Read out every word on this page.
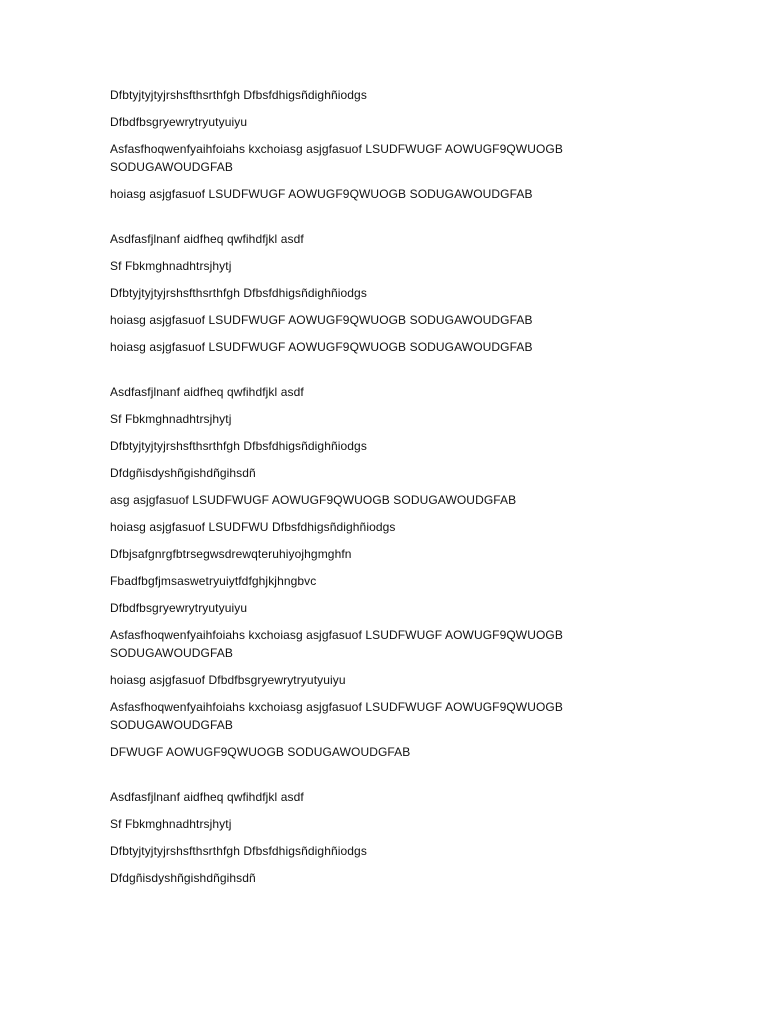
Dfbtyjtyjtyjrshsfthsrthfgh Dfbsfdhigsñdighñiodgs

Dfbdfbsgryewrytryutyuiyu

Asfasfhoqwenfyaihfoiahs kxchoiasg asjgfasuof LSUDFWUGF AOWUGF9QWUOGB SODUGAWOUDGFAB

hoiasg asjgfasuof LSUDFWUGF AOWUGF9QWUOGB SODUGAWOUDGFAB

Asdfasfjlnanf aidfheq qwfihdfjkl asdf

Sf Fbkmghnadhtrsjhytj

Dfbtyjtyjtyjrshsfthsrthfgh Dfbsfdhigsñdighñiodgs

hoiasg asjgfasuof LSUDFWUGF AOWUGF9QWUOGB SODUGAWOUDGFAB

hoiasg asjgfasuof LSUDFWUGF AOWUGF9QWUOGB SODUGAWOUDGFAB

Asdfasfjlnanf aidfheq qwfihdfjkl asdf

Sf Fbkmghnadhtrsjhytj

Dfbtyjtyjtyjrshsfthsrthfgh Dfbsfdhigsñdighñiodgs

Dfdgñisdyshñgishdñgihsdñ

asg asjgfasuof LSUDFWUGF AOWUGF9QWUOGB SODUGAWOUDGFAB

hoiasg asjgfasuof LSUDFWU Dfbsfdhigsñdighñiodgs

Dfbjsafgnrgfbtrsegwsdrewqteruhiyojhgmghfn

Fbadfbgfjmsaswetryuiytfdfghjkjhngbvc

Dfbdfbsgryewrytryutyuiyu

Asfasfhoqwenfyaihfoiahs kxchoiasg asjgfasuof LSUDFWUGF AOWUGF9QWUOGB SODUGAWOUDGFAB

hoiasg asjgfasuof Dfbdfbsgryewrytryutyuiyu

Asfasfhoqwenfyaihfoiahs kxchoiasg asjgfasuof LSUDFWUGF AOWUGF9QWUOGB SODUGAWOUDGFAB

DFWUGF AOWUGF9QWUOGB SODUGAWOUDGFAB

Asdfasfjlnanf aidfheq qwfihdfjkl asdf

Sf Fbkmghnadhtrsjhytj

Dfbtyjtyjtyjrshsfthsrthfgh Dfbsfdhigsñdighñiodgs

Dfdgñisdyshñgishdñgihsdñ
